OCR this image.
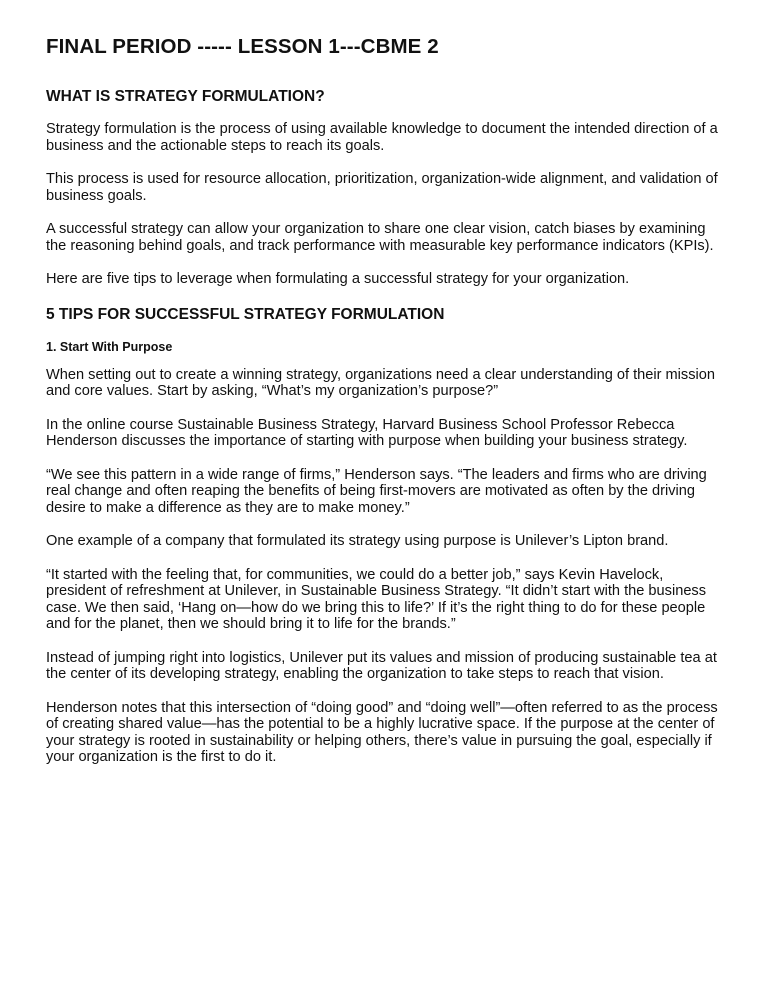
FINAL PERIOD ----- LESSON 1---CBME 2
WHAT IS STRATEGY FORMULATION?

Strategy formulation is the process of using available knowledge to document the intended direction of a business and the actionable steps to reach its goals.

This process is used for resource allocation, prioritization, organization-wide alignment, and validation of business goals.

A successful strategy can allow your organization to share one clear vision, catch biases by examining the reasoning behind goals, and track performance with measurable key performance indicators (KPIs).

Here are five tips to leverage when formulating a successful strategy for your organization.

5 TIPS FOR SUCCESSFUL STRATEGY FORMULATION
1. Start With Purpose

When setting out to create a winning strategy, organizations need a clear understanding of their mission and core values. Start by asking, “What’s my organization’s purpose?”

In the online course Sustainable Business Strategy, Harvard Business School Professor Rebecca Henderson discusses the importance of starting with purpose when building your business strategy.

“We see this pattern in a wide range of firms,” Henderson says. “The leaders and firms who are driving real change and often reaping the benefits of being first-movers are motivated as often by the driving desire to make a difference as they are to make money.”

One example of a company that formulated its strategy using purpose is Unilever’s Lipton brand.

“It started with the feeling that, for communities, we could do a better job,” says Kevin Havelock, president of refreshment at Unilever, in Sustainable Business Strategy. “It didn’t start with the business case. We then said, ‘Hang on—how do we bring this to life?’ If it’s the right thing to do for these people and for the planet, then we should bring it to life for the brands.”

Instead of jumping right into logistics, Unilever put its values and mission of producing sustainable tea at the center of its developing strategy, enabling the organization to take steps to reach that vision.

Henderson notes that this intersection of “doing good” and “doing well”—often referred to as the process of creating shared value—has the potential to be a highly lucrative space. If the purpose at the center of your strategy is rooted in sustainability or helping others, there’s value in pursuing the goal, especially if your organization is the first to do it.
